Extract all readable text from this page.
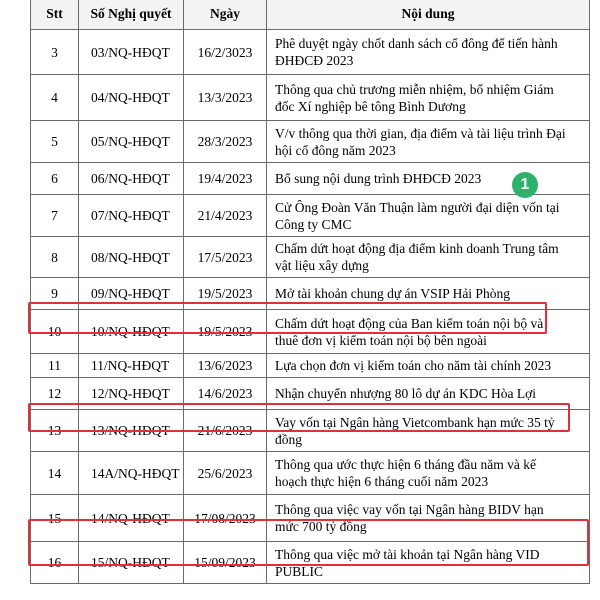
Stt	Số Nghị quyết	Ngày	Nội dung
3	03/NQ-HĐQT	16/2/3023	Phê duyệt ngày chốt danh sách cổ đông để tiến hành
ĐHĐCĐ 2023

4	04/NQ-HĐQT	13/3/2023	Thông qua chủ trương miễn nhiệm, bổ nhiệm Giám
đốc Xí nghiệp bê tông Bình Dương

5	05/NQ-HĐQT	28/3/2023	V/v thông qua thời gian, địa điểm và tài liệu trình Đại
hội cổ đông năm 2023

6	06/NQ-HĐQT	19/4/2023	Bổ sung nội dung trình ĐHĐCĐ 2023

7	07/NQ-HĐQT	21/4/2023	Cử Ông Đoàn Văn Thuận làm người đại diện vốn tại
Công ty CMC

8	08/NQ-HĐQT	17/5/2023	Chấm dứt hoạt động địa điểm kinh doanh Trung tâm
vật liệu xây dựng

9	09/NQ-HĐQT	19/5/2023	Mở tài khoản chung dự án VSIP Hải Phòng

10	10/NQ-HĐQT	19/5/2023	Chấm dứt hoạt động của Ban kiểm toán nội bộ và
thuê đơn vị kiểm toán nội bộ bên ngoài

11	11/NQ-HĐQT	13/6/2023	Lựa chọn đơn vị kiểm toán cho năm tài chính 2023

12	12/NQ-HĐQT	14/6/2023	Nhận chuyển nhượng 80 lô dự án KDC Hòa Lợi

13	13/NQ-HĐQT	21/6/2023	Vay vốn tại Ngân hàng Vietcombank hạn mức 35 tỷ
đồng

14	14A/NQ-HĐQT	25/6/2023	Thông qua ước thực hiện 6 tháng đầu năm và kế
hoạch thực hiện 6 tháng cuối năm 2023

15	14/NQ-HĐQT	17/08/2023	Thông qua việc vay vốn tại Ngân hàng BIDV hạn
mức 700 tỷ đồng

16	15/NQ-HĐQT	15/09/2023	Thông qua việc mở tài khoản tại Ngân hàng VID
PUBLIC
1
